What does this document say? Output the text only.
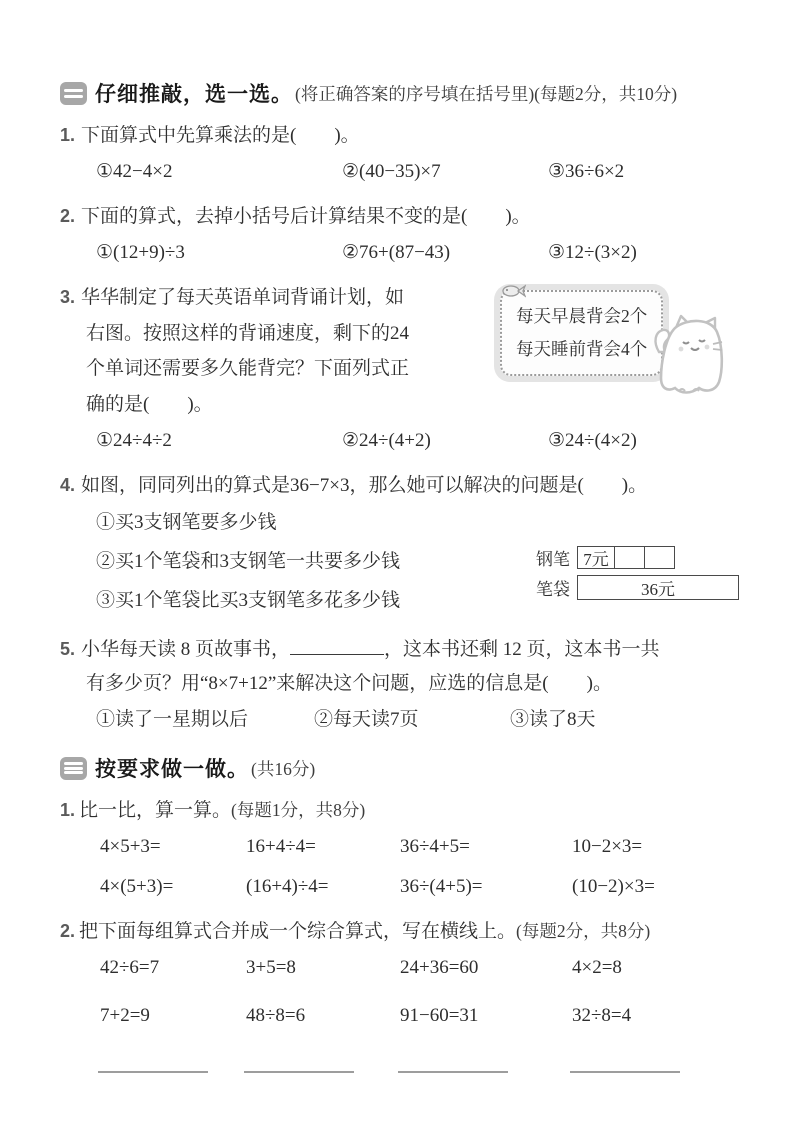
仔细推敲，选一选。 (将正确答案的序号填在括号里)(每题2分，共10分)
1. 下面算式中先算乘法的是(　　)。
①42−4×2	②(40−35)×7	③36÷6×2
2. 下面的算式，去掉小括号后计算结果不变的是(　　)。
①(12+9)÷3	②76+(87−43)	③12÷(3×2)
3. 华华制定了每天英语单词背诵计划，如
右图。按照这样的背诵速度，剩下的24
个单词还需要多久能背完？下面列式正
确的是(　　)。
每天早晨背会2个
每天睡前背会4个
①24÷4÷2	②24÷(4+2)	③24÷(4×2)
4. 如图，同同列出的算式是36−7×3，那么她可以解决的问题是(　　)。
①买3支钢笔要多少钱
②买1个笔袋和3支钢笔一共要多少钱
③买1个笔袋比买3支钢笔多花多少钱
钢笔 7元
笔袋	36元
5. 小华每天读 8 页故事书，	，这本书还剩 12 页，这本书一共
有多少页？用“8×7+12”来解决这个问题，应选的信息是(　　)。
①读了一星期以后	②每天读7页	③读了8天
按要求做一做。 (共16分)
1. 比一比，算一算。(每题1分，共8分)
4×5+3=	16+4÷4=	36÷4+5=	10−2×3=
4×(5+3)=	(16+4)÷4=	36÷(4+5)=	(10−2)×3=
2. 把下面每组算式合并成一个综合算式，写在横线上。(每题2分，共8分)
42÷6=7	3+5=8	24+36=60	4×2=8
7+2=9	48÷8=6	91−60=31	32÷8=4
